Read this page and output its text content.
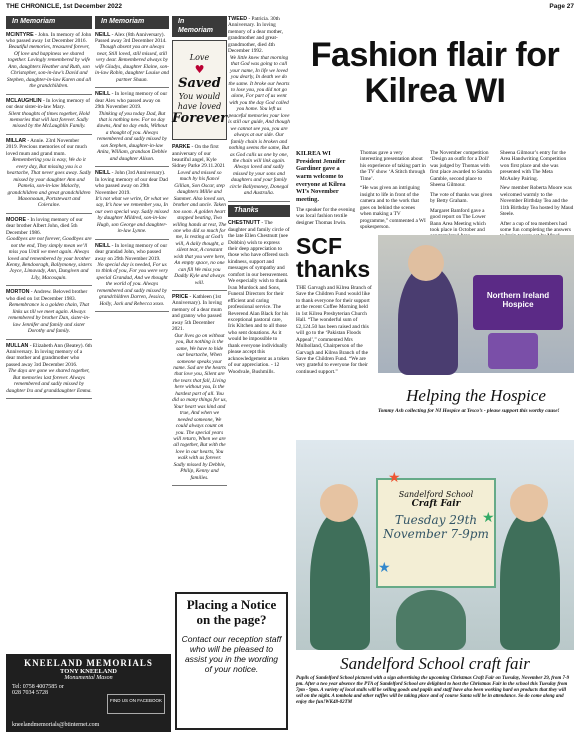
THE CHRONICLE, 1st December 2022	Page 27
In Memoriam
MCINTYRE - John. In memory of John who passed away 1st December 2016.
Beautiful memories, treasured forever, Of love and happiness we shared together. Lovingly remembered by wife Ann, daughters Heather and Ruth, son Christopher, son-in-law’s David and Stephen, daughter-in-law Karen and all the grandchildren.
MCLAUGHLIN - In loving memory of our dear sister-in-law Mary.
Silent thoughts of times together, Hold memories that will last forever. Sadly missed by the McLaughlin Family.
MILLAR - Annie. 23rd November 2019. Precious memories of our much loved mum and grand mum.
Remembering you is easy, We do it every day, But missing you is a heartache, That never goes away. Sadly missed by your daughter Ann and Pamela, son-in-law Malachy, grandchildren and great grandchildren Maoonoaun, Portstewart and Coleraine.
MOORE - In loving memory of our dear brother Albert John, died 5th December 1986.
Goodbyes are not forever, Goodbyes are not the end, They simply mean we’ll miss you Until we meet again. Always loved and remembered by your brother Kenny, Bendooragh, Ballymoney, sisters Joyce, Limavady, Ann, Dungiven and Lily, Macosquin.
MORTON - Andrew. Beloved brother who died on 1st December 1983.
Remembrance is a golden chain, That links us till we meet again. Always remembered by brother Dan, sister-in-law Jennifer and family and sister Dorothy and family.
MULLAN - Elizabeth Ann (Beatey). 6th Anniversary. In loving memory of a dear mother and grandmother who passed away 3rd December 2016.
The days are gone we shared together, But memories last forever. Always remembered and sadly missed by daughter Ira and granddaughter Emma.
In Memoriam
NEILL - Alex (8th Anniversary). Passed away 3rd December 2014.
Though absent you are always near, Still loved, still missed, still very dear. Remembered always by wife Gladys, daughter Elaine, son-in-law Robin, daughter Louise and partner Shaun.
NEILL - In loving memory of our dear Alex who passed away on 29th November 2019.
Thinking of you today Dad, But that is nothing new. For no day dawns, And no day ends, Without a thought of you. Always remembered and sadly missed by son Stephen, daughter-in-law Anita, William, grandson Debbie and daughter Alison.
NEILL - John (3rd Anniversary). In loving memory of our dear Dad who passed away on 29th November 2019.
It’s not what we write, Or what we say, It’s how we remember you, In our own special way. Sadly missed by daughter Mildred, son-in-law Hugh, son George and daughter-in-law Lynne.
NEILL - In loving memory of our dear grandad John, who passed away on 29th November 2019.
No special day is needed, For us to think of you, For you were very special Grandad, And we thought the world of you. Always remembered and sadly missed by grandchildren Darren, Jessica, Holly, Jack and Rebecca xoxo.
In Memoriam
Love
♥
Saved
You would have loved
Forever
PARKE - On the first anniversary of our beautiful angel, Kyle Sidney Parke 29.11.2021
Loved and missed so much by his fiancé Gillian, Son Oscar, step daughters Millie and Summer. Also loved son, brother and uncle. Taken too soon. A golden heart stopped beating, Two willing hands at rest, The one who did so much for me, Is resting at God’s will, A daily thought, a silent tear, A constant wish that you were here, An empty space, no one can fill We miss you Daddy Kyle and always will.
PRICE - Kathleen (1st Anniversary). In loving memory of a dear mum and granny who passed away 5th December 2021.
Our lives go on without you, But nothing is the same, We have to hide our heartache, When someone speaks your name. Sad are the hearts that love you, Silent are the tears that fall, Living here without you, Is the hardest part of all. You did so many things for us, Your heart was kind and true, And when we needed someone, We could always count on you. The special years will return, When we are all together, But with the love in our hearts, You walk with us forever. Sadly missed by Debbie, Philip, Kenny and families.
TWEED - Patricia. 30th Anniversary. In loving memory of a dear mother, grandmother and great-grandmother, died 4th December 1992.
We little knew that morning that God was going to call your name, In life we loved you dearly, In death we do the same. It broke our hearts to lose you, you did not go alone, For part of us went with you the day God called you home. You left us peaceful memories your love is still our guide, And though we cannot see you, you are always at our side. Our family chain is broken and nothing seems the same, But as God calls us one by one, the chain will link again. Always loved and sadly missed by your sons and daughters and your family circle Ballymoney, Donegal and Australia.
Thanks
CHESTNUTT - The daughter and family circle of the late Ellen Chestnutt (nee Dobbin) wish to express their deep appreciation to those who have offered such kindness, support and messages of sympathy and comfort in our bereavement. We especially wish to thank Ivan Murdock and Sons, Funeral Directors for their efficient and caring professional service. The Reverend Alan Black for his exceptional pastoral care, Iris Kitchen and to all those who sent donations. As it would be impossible to thank everyone individually please accept this acknowledgement as a token of our appreciation. - 12 Woodvale, Bushmills.
KNEELAND MEMORIALS
TONY KNEELAND
Monumental Mason
Tel: 0758 4007585 or
028 7034 5728
FIND US ON FACEBOOK
kneelandmemorials@btinternet.com
Placing a Notice on the page?
Contact our reception staff who will be pleased to assist you in the wording of your notice.
Fashion flair for Kilrea WI

KILREA WI President Jennifer Gardiner gave a warm welcome to everyone at Kilrea WI’s November meeting.

The speaker for the evening was local fashion textile designer Thomas Irwin.

Thomas gave a very interesting presentation about his experience of taking part in the TV show ‘A Stitch through Time’.

“He was given an intriguing insight to life in front of the camera and to the work that goes on behind the scenes when making a TV programme,” commented a WI spokesperson.

The November competition ‘Design an outfit for a Doll’ was judged by Thomas with first place awarded to Sandra Gamble, second place to Sheena Gilmour.

The vote of thanks was given by Betty Graham.

Margaret Bamford gave a good report on The Lower Bann Area Meeting which took place in October and

Sheena Gilmour’s entry for the Area Handwriting Competition won first place and she was presented with The Meta McAuley Pairing.

New member Roberta Moore was welcomed warmly to the November Birthday Tea and the 11th Birthday Tea hosted by Maud Steele.

After a cup of tea members had some fun completing the answers

SCF thanks
THE Garvagh and Kilrea Branch of Save the Children Fund would like to thank everyone for their support at the recent Coffee Morning held in 1st Kilrea Presbyterian Church Hall. “The wonderful sum of £2,124.50 has been raised and this will go to the ‘Pakistan Floods Appeal’,” commented Mrs Mulholland, Chairperson of the Garvagh and Kilrea Branch of the Save the Children Fund. “We are very grateful to everyone for their continued support.”
Northern Ireland Hospice
Helping the Hospice
Tommy Ash collecting for NI Hospice at Tesco’s - please support this worthy cause!
Sandelford School
Craft Fair
Tuesday 29th
November 7-9pm
★
★
★
Sandelford School craft fair
Pupils of Sandelford School pictured with a sign advertising the upcoming Christmas Craft Fair on Tuesday, November 29, from 7-9 pm. After a two year absence the PTA of Sandelford School are delighted to host the Christmas Fair in the school this Tuesday from 7pm - 9pm. A variety of local stalls will be selling goods and pupils and staff have also been working hard on products that they will sell on the night. A tombola and other raffles will be taking place and of course Santa will be in attendance. So do come along and enjoy the fun!WK48-02TM
